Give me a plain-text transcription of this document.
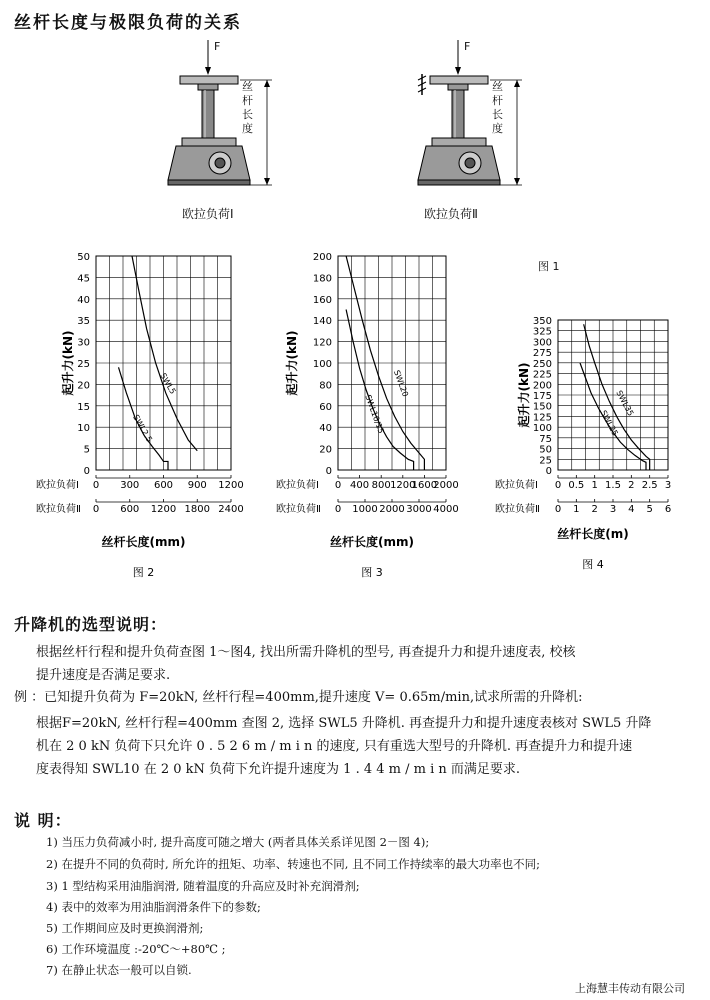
丝杆长度与极限负荷的关系
F	F
丝杆长度
丝杆长度
欧拉负荷Ⅰ	欧拉负荷Ⅱ
图 1
0
5
10
15
20
25
30
35
40
45
50
起升力(kN)
欧拉负荷Ⅰ 0 300 600 900 1200
欧拉负荷Ⅱ 0 600 1200 1800 2400
丝杆长度(mm)
图 2
SWL5
SWL2.5
0
20
40
60
80
100
120
140
160
180
200
起升力(kN)
欧拉负荷Ⅰ 0 400 800 1200
1600
2000
欧拉负荷Ⅱ 0 1000 2000 3000 4000
丝杆长度(mm)
图 3
SWL20
SWL10/15
0
25
50
75
100
125
150
175
200
225
250
275
300
325
350
起升力(kN)
欧拉负荷Ⅰ 0 0.5 1 1.5 2 2.5 3
欧拉负荷Ⅱ 0 1 2 3 4 5 6
丝杆长度(m)
图 4
SWL35
SWL25
升降机的选型说明：
根据丝杆行程和提升负荷查图 1～图4, 找出所需升降机的型号, 再查提升力和提升速度表, 校核
提升速度是否满足要求.
例 ：已知提升负荷为 F=20kN, 丝杆行程=400mm,提升速度 V= 0.65m/min,试求所需的升降机:
根据F=20kN, 丝杆行程=400mm 查图 2, 选择 SWL5 升降机. 再查提升力和提升速度表核对 SWL5 升降
机在 2 0 kN 负荷下只允许 0 . 5 2 6 m / m i n 的速度, 只有重选大型号的升降机. 再查提升力和提升速
度表得知 SWL10 在 2 0 kN 负荷下允许提升速度为 1 . 4 4 m / m i n 而满足要求.
说 明：
1) 当压力负荷减小时, 提升高度可随之增大 (两者具体关系详见图 2－图 4);
2) 在提升不同的负荷时, 所允许的扭矩、功率、转速也不同, 且不同工作持续率的最大功率也不同;
3) 1 型结构采用油脂润滑, 随着温度的升高应及时补充润滑剂;
4) 表中的效率为用油脂润滑条件下的参数;
5) 工作期间应及时更换润滑剂;
6) 工作环境温度 :-20℃～+80℃ ;
7) 在静止状态一般可以自锁.
上海慧丰传动有限公司
